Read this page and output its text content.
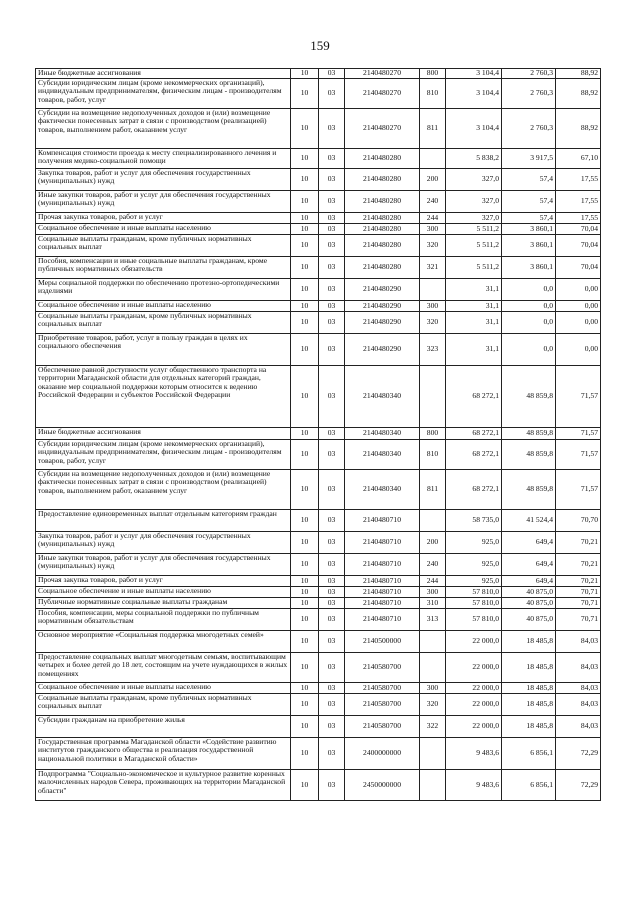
159
Иные бюджетные ассигнования	10	03	2140480270	800	3 104,4	2 760,3	88,92
Субсидии юридическим лицам (кроме некоммерческих организаций), индивидуальным предпринимателям, физическим лицам - производителям товаров, работ, услуг	10	03	2140480270	810	3 104,4	2 760,3	88,92
Субсидии на возмещение недополученных доходов и (или) возмещение фактически понесенных затрат в связи с производством (реализацией) товаров, выполнением работ, оказанием услуг	10	03	2140480270	811	3 104,4	2 760,3	88,92
Компенсация стоимости проезда к месту специализированного лечения и получения медико-социальной помощи	10	03	2140480280		5 838,2	3 917,5	67,10
Закупка товаров, работ и услуг для обеспечения государственных (муниципальных) нужд	10	03	2140480280	200	327,0	57,4	17,55
Иные закупки товаров, работ и услуг для обеспечения государственных (муниципальных) нужд	10	03	2140480280	240	327,0	57,4	17,55
Прочая закупка товаров, работ и услуг	10	03	2140480280	244	327,0	57,4	17,55
Социальное обеспечение и иные выплаты населению	10	03	2140480280	300	5 511,2	3 860,1	70,04
Социальные выплаты гражданам, кроме публичных нормативных социальных выплат	10	03	2140480280	320	5 511,2	3 860,1	70,04
Пособия, компенсации и иные социальные выплаты гражданам, кроме публичных нормативных обязательств	10	03	2140480280	321	5 511,2	3 860,1	70,04
Меры социальной поддержки по обеспечению протезно-ортопедическими изделиями	10	03	2140480290		31,1	0,0	0,00
Социальное обеспечение и иные выплаты населению	10	03	2140480290	300	31,1	0,0	0,00
Социальные выплаты гражданам, кроме публичных нормативных социальных выплат	10	03	2140480290	320	31,1	0,0	0,00
Приобретение товаров, работ, услуг в пользу граждан в целях их социального обеспечения	10	03	2140480290	323	31,1	0,0	0,00
Обеспечение равной доступности услуг общественного транспорта на территории Магаданской области для отдельных категорий граждан, оказание мер социальной поддержки которым относится к ведению Российской Федерации и субъектов Российской Федерации	10	03	2140480340		68 272,1	48 859,8	71,57
Иные бюджетные ассигнования	10	03	2140480340	800	68 272,1	48 859,8	71,57
Субсидии юридическим лицам (кроме некоммерческих организаций), индивидуальным предпринимателям, физическим лицам - производителям товаров, работ, услуг	10	03	2140480340	810	68 272,1	48 859,8	71,57
Субсидии на возмещение недополученных доходов и (или) возмещение фактически понесенных затрат в связи с производством (реализацией) товаров, выполнением работ, оказанием услуг	10	03	2140480340	811	68 272,1	48 859,8	71,57
Предоставление единовременных выплат отдельным категориям граждан	10	03	2140480710		58 735,0	41 524,4	70,70
Закупка товаров, работ и услуг для обеспечения государственных (муниципальных) нужд	10	03	2140480710	200	925,0	649,4	70,21
Иные закупки товаров, работ и услуг для обеспечения государственных (муниципальных) нужд	10	03	2140480710	240	925,0	649,4	70,21
Прочая закупка товаров, работ и услуг	10	03	2140480710	244	925,0	649,4	70,21
Социальное обеспечение и иные выплаты населению	10	03	2140480710	300	57 810,0	40 875,0	70,71
Публичные нормативные социальные выплаты гражданам	10	03	2140480710	310	57 810,0	40 875,0	70,71
Пособия, компенсации, меры социальной поддержки по публичным нормативным обязательствам	10	03	2140480710	313	57 810,0	40 875,0	70,71
Основное мероприятие «Социальная поддержка многодетных семей»	10	03	2140500000		22 000,0	18 485,8	84,03
Предоставление социальных выплат многодетным семьям, воспитывающим четырех и более детей до 18 лет, состоящим на учете нуждающихся в жилых помещениях	10	03	2140580700		22 000,0	18 485,8	84,03
Социальное обеспечение и иные выплаты населению	10	03	2140580700	300	22 000,0	18 485,8	84,03
Социальные выплаты гражданам, кроме публичных нормативных социальных выплат	10	03	2140580700	320	22 000,0	18 485,8	84,03
Субсидии гражданам на приобретение жилья	10	03	2140580700	322	22 000,0	18 485,8	84,03
Государственная программа Магаданской области «Содействие развитию институтов гражданского общества и реализация государственной национальной политики в Магаданской области»	10	03	2400000000		9 483,6	6 856,1	72,29
Подпрограмма "Социально-экономическое и культурное развитие коренных малочисленных народов Севера, проживающих на территории Магаданской области"	10	03	2450000000		9 483,6	6 856,1	72,29
